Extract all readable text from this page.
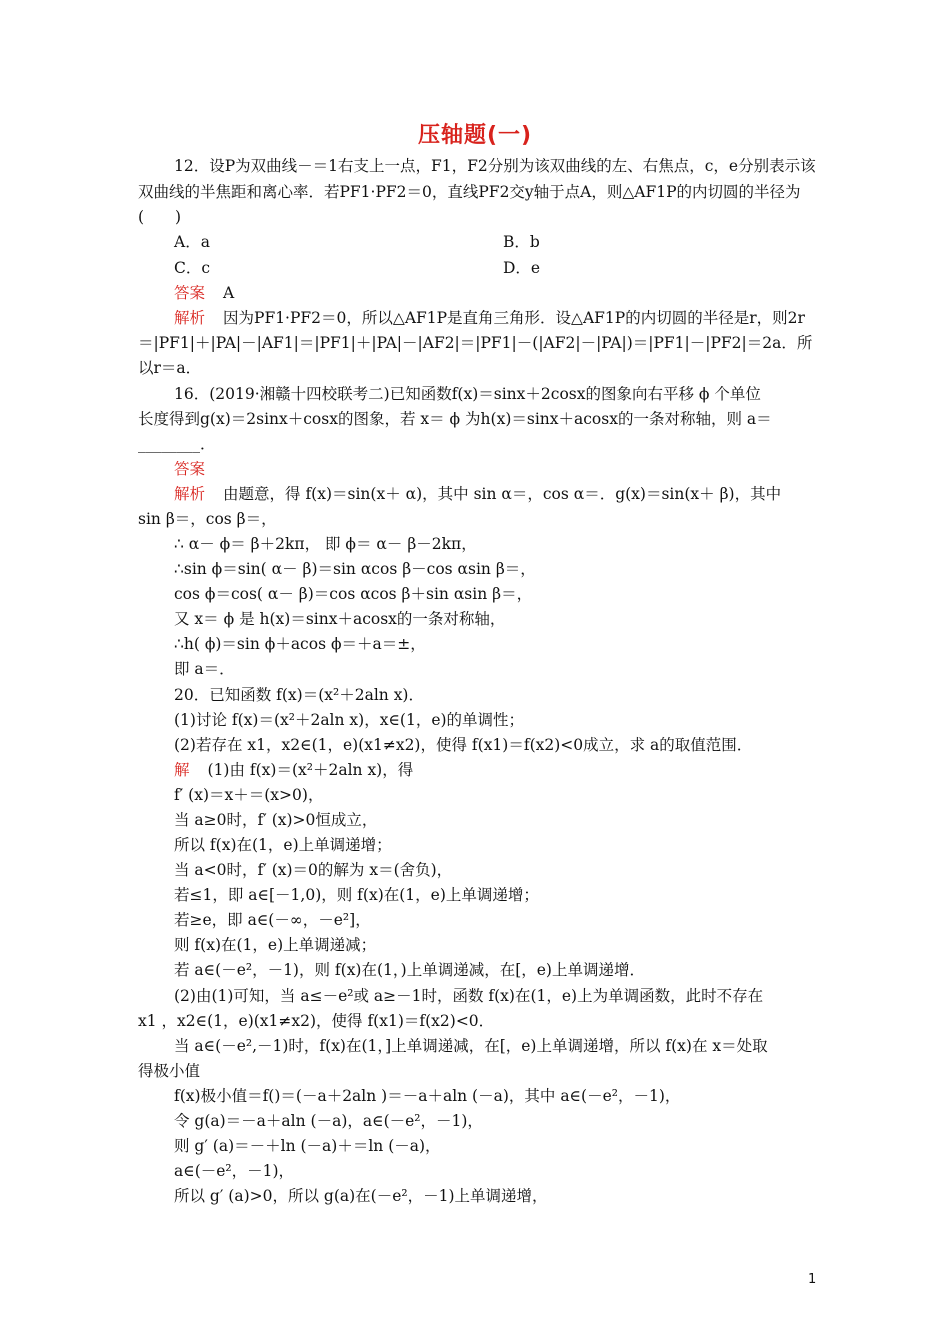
压轴题(一)
12．设P为双曲线－＝1右支上一点，F1，F2分别为该双曲线的左、右焦点，c，e分别表示该
双曲线的半焦距和离心率．若PF1·PF2＝0，直线PF2交y轴于点A，则△AF1P的内切圆的半径为
(　　)
A．a	B．b
C．c	D．e
答案 A
解析 因为PF1·PF2＝0，所以△AF1P是直角三角形．设△AF1P的内切圆的半径是r，则2r
＝|PF1|＋|PA|－|AF1|＝|PF1|＋|PA|－|AF2|＝|PF1|－(|AF2|－|PA|)＝|PF1|－|PF2|＝2a．所
以r＝a．
16．(2019·湘赣十四校联考二)已知函数f(x)＝sinx＋2cosx的图象向右平移 ϕ 个单位
长度得到g(x)＝2sinx＋cosx的图象，若 x＝ ϕ 为h(x)＝sinx＋acosx的一条对称轴，则 a＝
________．
答案
解析 由题意，得 f(x)＝sin(x＋ α)，其中 sin α＝，cos α＝．g(x)＝sin(x＋ β)，其中
sin β＝，cos β＝，
∴ α－ ϕ＝ β＋2kπ， 即 ϕ＝ α－ β－2kπ，
∴sin ϕ＝sin( α－ β)＝sin αcos β－cos αsin β＝，
cos ϕ＝cos( α－ β)＝cos αcos β＋sin αsin β＝，
又 x＝ ϕ 是 h(x)＝sinx＋acosx的一条对称轴，
∴h( ϕ)＝sin ϕ＋acos ϕ＝＋a＝±，
即 a＝．
20．已知函数 f(x)＝(x²＋2aln x)．
(1)讨论 f(x)＝(x²＋2aln x)，x∈(1，e)的单调性；
(2)若存在 x1，x2∈(1，e)(x1≠x2)，使得 f(x1)＝f(x2)<0成立，求 a的取值范围．
解 (1)由 f(x)＝(x²＋2aln x)，得
f′ (x)＝x＋＝(x>0)，
当 a≥0时，f′ (x)>0恒成立，
所以 f(x)在(1，e)上单调递增；
当 a<0时，f′ (x)＝0的解为 x＝(舍负)，
若≤1，即 a∈[－1,0)，则 f(x)在(1，e)上单调递增；
若≥e，即 a∈(－∞，－e²]，
则 f(x)在(1，e)上单调递减；
若 a∈(－e²，－1)，则 f(x)在(1，)上单调递减，在[，e)上单调递增．
(2)由(1)可知，当 a≤－e²或 a≥－1时，函数 f(x)在(1，e)上为单调函数，此时不存在
x1 ，x2∈(1，e)(x1≠x2)，使得 f(x1)＝f(x2)<0．
当 a∈(－e²,－1)时，f(x)在(1，]上单调递减，在[，e)上单调递增，所以 f(x)在 x＝处取
得极小值
f(x)极小值＝f()＝(－a＋2aln )＝－a＋aln (－a)，其中 a∈(－e²，－1)，
令 g(a)＝－a＋aln (－a)，a∈(－e²，－1)，
则 g′ (a)＝－＋ln (－a)＋＝ln (－a)，
a∈(－e²，－1)，
所以 g′ (a)>0，所以 g(a)在(－e²，－1)上单调递增，
1
